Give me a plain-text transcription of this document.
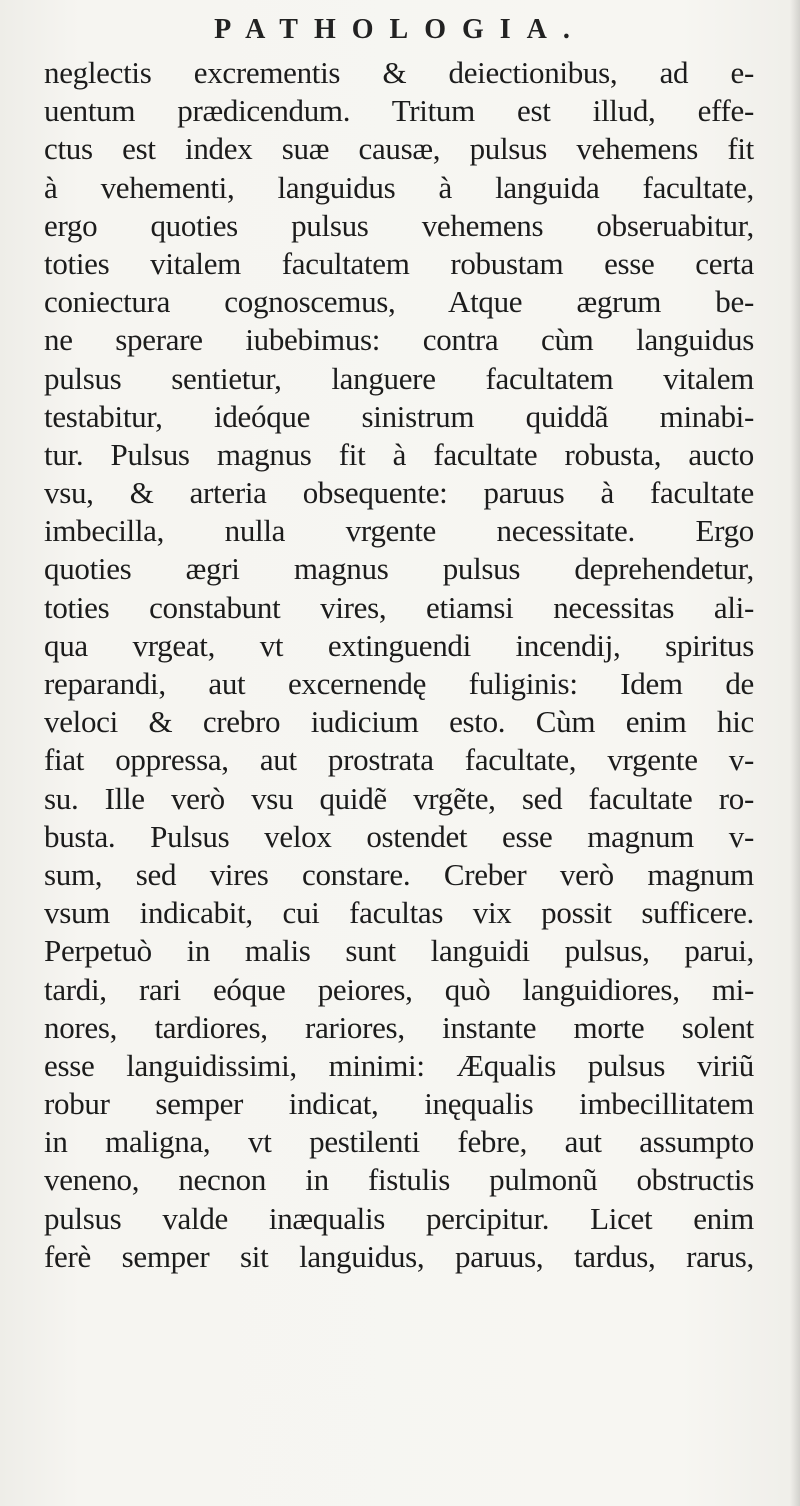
PATHOLOGIA.
neglectis excrementis & deiectionibus, ad e-
uentum prædicendum. Tritum est illud, effe-
ctus est index suæ causæ, pulsus vehemens fit
à vehementi, languidus à languida facultate,
ergo quoties pulsus vehemens obseruabitur,
toties vitalem facultatem robustam esse certa
coniectura cognoscemus, Atque ægrum be-
ne sperare iubebimus: contra cùm languidus
pulsus sentietur, languere facultatem vitalem
testabitur, ideóque sinistrum quiddã minabi-
tur. Pulsus magnus fit à facultate robusta, aucto
vsu, & arteria obsequente: paruus à facultate
imbecilla, nulla vrgente necessitate. Ergo
quoties ægri magnus pulsus deprehendetur,
toties constabunt vires, etiamsi necessitas ali-
qua vrgeat, vt extinguendi incendij, spiritus
reparandi, aut excernendę fuliginis: Idem de
veloci & crebro iudicium esto. Cùm enim hic
fiat oppressa, aut prostrata facultate, vrgente v-
su. Ille verò vsu quidẽ vrgẽte, sed facultate ro-
busta. Pulsus velox ostendet esse magnum v-
sum, sed vires constare. Creber verò magnum
vsum indicabit, cui facultas vix possit sufficere.
Perpetuò in malis sunt languidi pulsus, parui,
tardi, rari eóque peiores, quò languidiores, mi-
nores, tardiores, rariores, instante morte solent
esse languidissimi, minimi: Æqualis pulsus viriũ
robur semper indicat, inęqualis imbecillitatem
in maligna, vt pestilenti febre, aut assumpto
veneno, necnon in fistulis pulmonũ obstructis
pulsus valde inæqualis percipitur. Licet enim
ferè semper sit languidus, paruus, tardus, rarus,
